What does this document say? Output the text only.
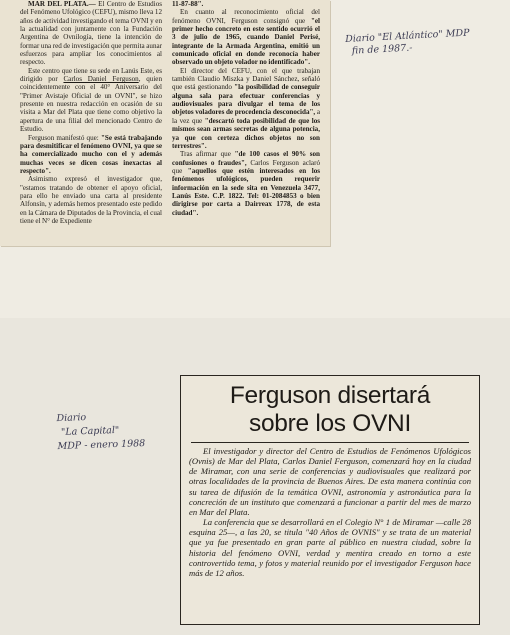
MAR DEL PLATA.— El Centro de Estudios del Fenómeno Ufológico (CEFU), mismo lleva 12 años de actividad investigando el tema OVNI y en la actualidad con juntamente con la Fundación Argentina de Ovnilogía, tiene la intención de formar una red de investigación que permita aunar esfuerzos para ampliar los conocimientos al respecto.

Este centro que tiene su sede en Lanús Este, es dirigido por Carlos Daniel Ferguson, quien coincidentemente con el 40° Aniversario del "Primer Avistaje Oficial de un OVNI", se hizo presente en nuestra redacción en ocasión de su visita a Mar del Plata que tiene como objetivo la apertura de una filial del mencionado Centro de Estudio.

Ferguson manifestó que: "Se está trabajando para desmitificar el fenómeno OVNI, ya que se ha comercializado mucho con el y además muchas veces se dicen cosas inexactas al respecto".

Asimismo expresó el investigador que, "estamos tratando de obtener el apoyo oficial, para ello he enviado una carta al presidente Alfonsín, y además hemos presentado este pedido en la Cámara de Diputados de la Provincia, el cual tiene el N° de Expediente

11-87-88".

En cuanto al reconocimiento oficial del fenómeno OVNI, Ferguson consignó que "el primer hecho concreto en este sentido ocurrió el 3 de julio de 1965, cuando Daniel Perisé, integrante de la Armada Argentina, emitió un comunicado oficial en donde reconocía haber observado un objeto volador no identificado".

El director del CEFU, con el que trabajan también Claudio Miszka y Daniel Sánchez, señaló que está gestionando "la posibilidad de conseguir alguna sala para efectuar conferencias y audiovisuales para divulgar el tema de los objetos voladores de procedencia desconocida", a la vez que "descartó toda posibilidad de que los mismos sean armas secretas de alguna potencia, ya que con certeza dichos objetos no son terrestres".

Tras afirmar que "de 100 casos el 90% son confusiones o fraudes", Carlos Ferguson aclaró que "aquellos que estén interesados en los fenómenos ufológicos, pueden requerir información en la sede sita en Venezuela 3477, Lanús Este. C.P. 1822. Tel: 01-2084853 o bien dirigirse por carta a Dairreax 1778, de esta ciudad".

Diario "El Atlántico" MDP
fin de 1987.-
Diario
"La Capital"
MDP - enero 1988
Ferguson disertará
sobre los OVNI

El investigador y director del Centro de Estudios de Fenómenos Ufológicos (Ovnis) de Mar del Plata, Carlos Daniel Ferguson, comenzará hoy en la ciudad de Miramar, con una serie de conferencias y audiovisuales que realizará por otras localidades de la provincia de Buenos Aires. De esta manera continúa con su tarea de difusión de la temática OVNI, astronomía y astronáutica para la concreción de un instituto que comenzará a funcionar a partir del mes de marzo en Mar del Plata.

La conferencia que se desarrollará en el Colegio N° 1 de Miramar —calle 28 esquina 25—, a las 20, se titula "40 Años de OVNIS" y se trata de un material que ya fue presentado en gran parte al público en nuestra ciudad, sobre la historia del fenómeno OVNI, verdad y mentira creado en torno a este controvertido tema, y fotos y material reunido por el investigador Ferguson hace más de 12 años.
